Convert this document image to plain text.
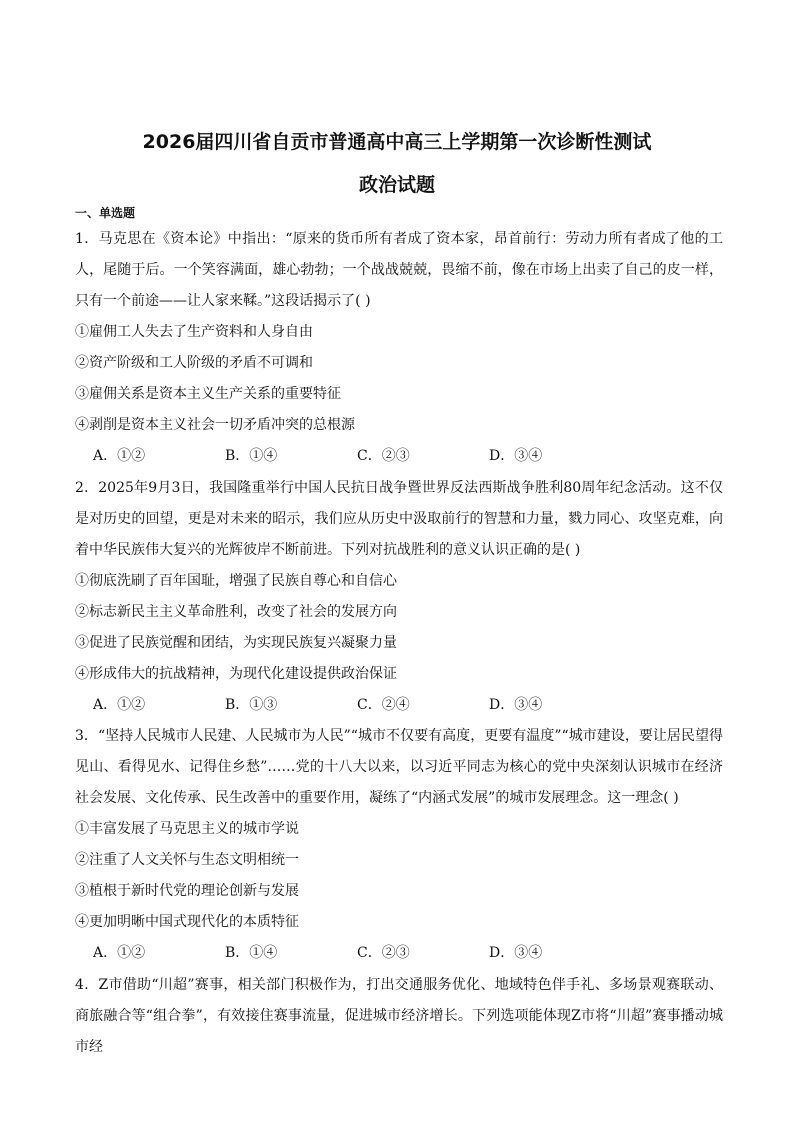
2026届四川省自贡市普通高中高三上学期第一次诊断性测试
政治试题
一、单选题

1．马克思在《资本论》中指出：“原来的货币所有者成了资本家，昂首前行：劳动力所有者成了他的工人，尾随于后。一个笑容满面，雄心勃勃；一个战战兢兢，畏缩不前，像在市场上出卖了自己的皮一样，只有一个前途——让人家来鞣。”这段话揭示了( )

①雇佣工人失去了生产资料和人身自由

②资产阶级和工人阶级的矛盾不可调和

③雇佣关系是资本主义生产关系的重要特征

④剥削是资本主义社会一切矛盾冲突的总根源

A．①②	B．①④	C．②③	D．③④

2．2025年9月3日，我国隆重举行中国人民抗日战争暨世界反法西斯战争胜利80周年纪念活动。这不仅是对历史的回望，更是对未来的昭示，我们应从历史中汲取前行的智慧和力量，戮力同心、攻坚克难，向着中华民族伟大复兴的光辉彼岸不断前进。下列对抗战胜利的意义认识正确的是( )

①彻底洗刷了百年国耻，增强了民族自尊心和自信心

②标志新民主主义革命胜利，改变了社会的发展方向

③促进了民族觉醒和团结，为实现民族复兴凝聚力量

④形成伟大的抗战精神，为现代化建设提供政治保证

A．①②	B．①③	C．②④	D．③④

3．“坚持人民城市人民建、人民城市为人民”“城市不仅要有高度，更要有温度”“城市建设，要让居民望得见山、看得见水、记得住乡愁”……党的十八大以来，以习近平同志为核心的党中央深刻认识城市在经济社会发展、文化传承、民生改善中的重要作用，凝练了“内涵式发展”的城市发展理念。这一理念( )

①丰富发展了马克思主义的城市学说

②注重了人文关怀与生态文明相统一

③植根于新时代党的理论创新与发展

④更加明晰中国式现代化的本质特征

A．①②	B．①④	C．②③	D．③④

4．Z市借助“川超”赛事，相关部门积极作为，打出交通服务优化、地域特色伴手礼、多场景观赛联动、商旅融合等“组合拳”，有效接住赛事流量，促进城市经济增长。下列选项能体现Z市将“川超”赛事播动城市经
